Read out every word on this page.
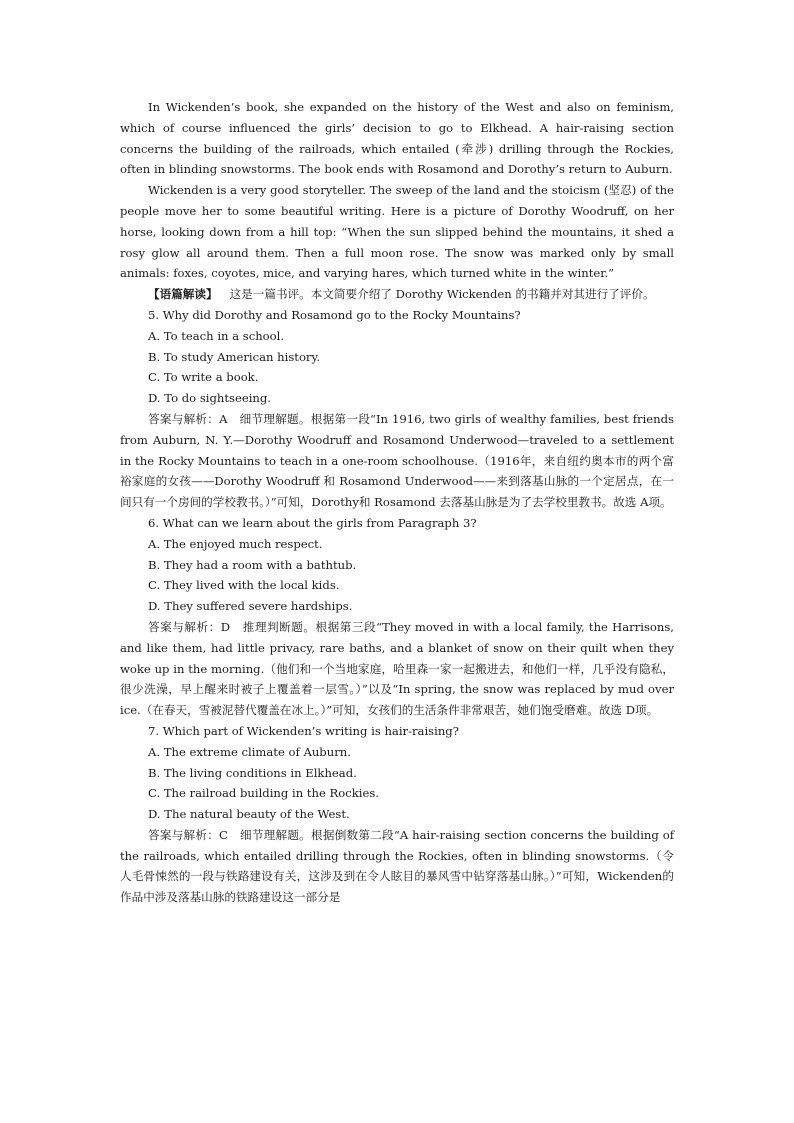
In Wickenden’s book, she expanded on the history of the West and also on feminism, which of course influenced the girls’ decision to go to Elkhead. A hair-raising section concerns the building of the railroads, which entailed (牵涉) drilling through the Rockies, often in blinding snowstorms. The book ends with Rosamond and Dorothy’s return to Auburn.

Wickenden is a very good storyteller. The sweep of the land and the stoicism (坚忍) of the people move her to some beautiful writing. Here is a picture of Dorothy Woodruff, on her horse, looking down from a hill top: “When the sun slipped behind the mountains, it shed a rosy glow all around them. Then a full moon rose. The snow was marked only by small animals: foxes, coyotes, mice, and varying hares, which turned white in the winter.”

【语篇解读】 这是一篇书评。本文简要介绍了 Dorothy Wickenden 的书籍并对其进行了评价。

5. Why did Dorothy and Rosamond go to the Rocky Mountains?

A. To teach in a school.

B. To study American history.

C. To write a book.

D. To do sightseeing.

答案与解析：A　细节理解题。根据第一段“In 1916, two girls of wealthy families, best friends from Auburn, N. Y.—Dorothy Woodruff and Rosamond Underwood—traveled to a settlement in the Rocky Mountains to teach in a one-room schoolhouse.（1916年，来自纽约奥本市的两个富裕家庭的女孩——Dorothy Woodruff 和 Rosamond Underwood——来到落基山脉的一个定居点，在一间只有一个房间的学校教书。）”可知，Dorothy和 Rosamond 去落基山脉是为了去学校里教书。故选 A项。

6. What can we learn about the girls from Paragraph 3?

A. The enjoyed much respect.

B. They had a room with a bathtub.

C. They lived with the local kids.

D. They suffered severe hardships.

答案与解析：D　推理判断题。根据第三段“They moved in with a local family, the Harrisons, and like them, had little privacy, rare baths, and a blanket of snow on their quilt when they woke up in the morning.（他们和一个当地家庭，哈里森一家一起搬进去，和他们一样，几乎没有隐私，很少洗澡，早上醒来时被子上覆盖着一层雪。）”以及“In spring, the snow was replaced by mud over ice.（在春天，雪被泥替代覆盖在冰上。）”可知，女孩们的生活条件非常艰苦，她们饱受磨难。故选 D项。

7. Which part of Wickenden’s writing is hair-raising?

A. The extreme climate of Auburn.

B. The living conditions in Elkhead.

C. The railroad building in the Rockies.

D. The natural beauty of the West.

答案与解析：C　细节理解题。根据倒数第二段“A hair-raising section concerns the building of the railroads, which entailed drilling through the Rockies, often in blinding snowstorms.（令人毛骨悚然的一段与铁路建设有关，这涉及到在令人眩目的暴风雪中钻穿落基山脉。）”可知，Wickenden的作品中涉及落基山脉的铁路建设这一部分是
